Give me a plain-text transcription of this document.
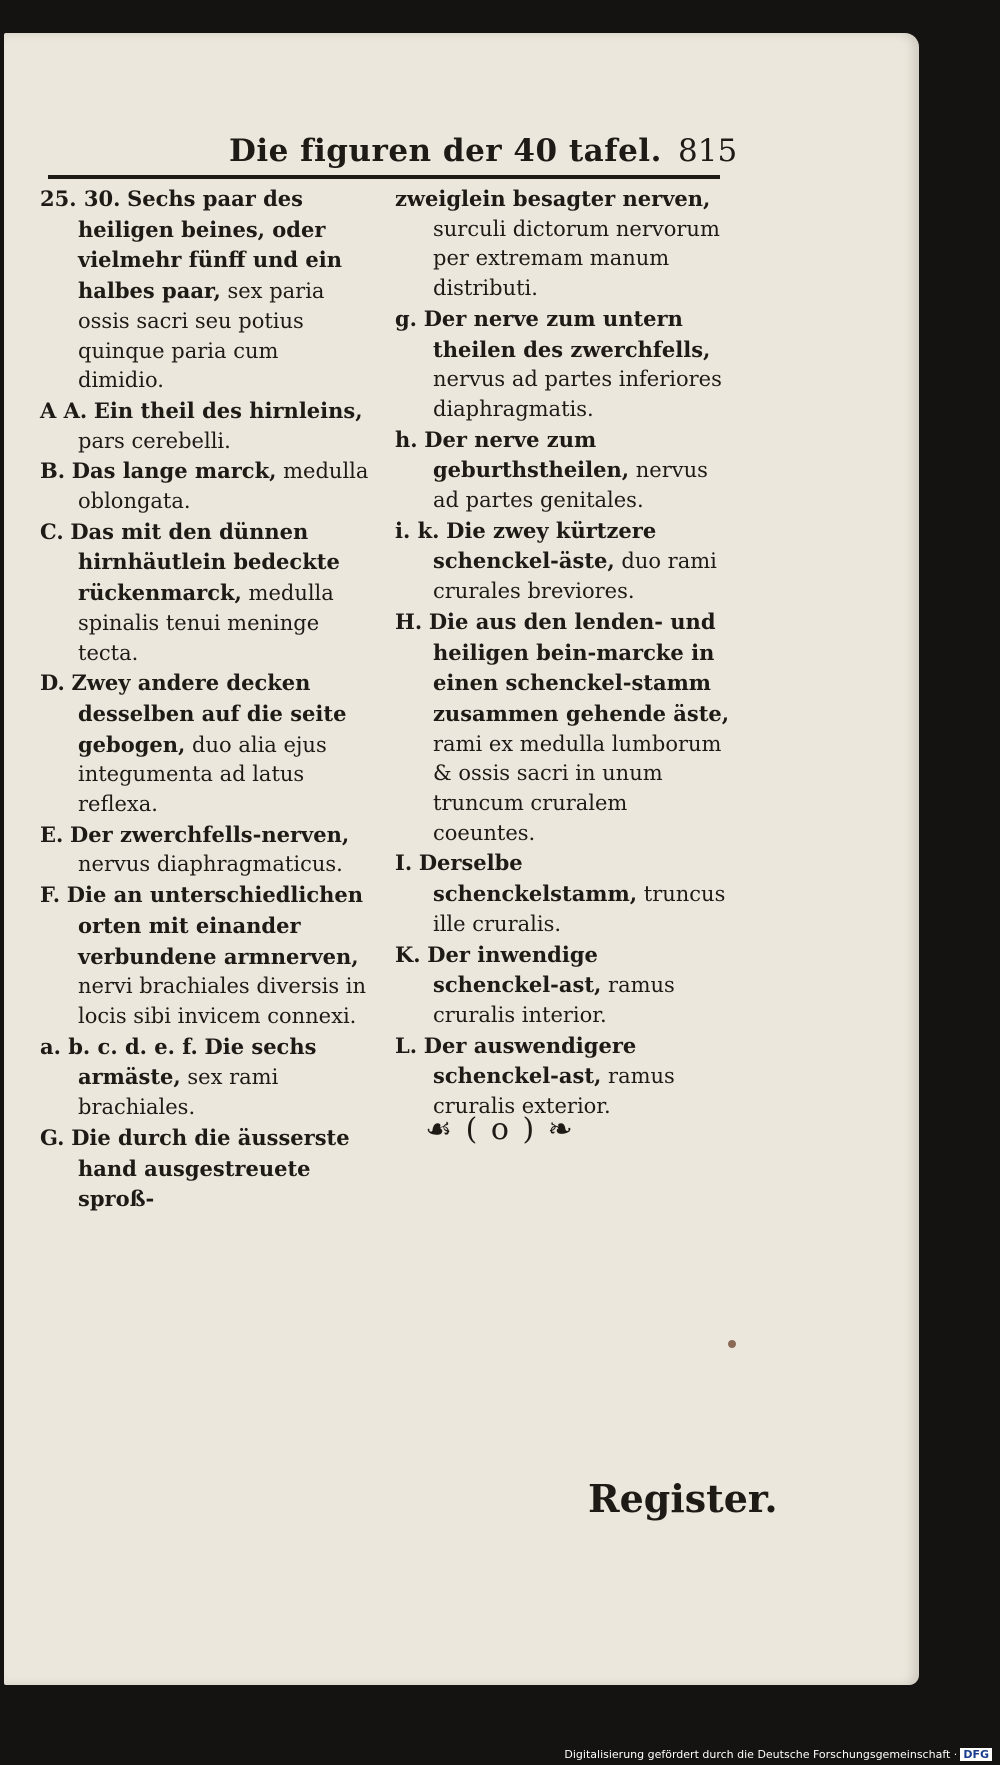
Die figuren der 40 tafel. 815
25. 30. Sechs paar des heiligen beines, oder vielmehr fünff und ein halbes paar, sex paria ossis sacri seu potius quinque paria cum dimidio.
A A. Ein theil des hirnleins, pars cerebelli.
B. Das lange marck, medulla oblongata.
C. Das mit den dünnen hirnhäutlein bedeckte rückenmarck, medulla spinalis tenui meninge tecta.
D. Zwey andere decken desselben auf die seite gebogen, duo alia ejus integumenta ad latus reflexa.
E. Der zwerchfells-nerven, nervus diaphragmaticus.
F. Die an unterschiedlichen orten mit einander verbundene armnerven, nervi brachiales diversis in locis sibi invicem connexi.
a. b. c. d. e. f. Die sechs armäste, sex rami brachiales.
G. Die durch die äusserste hand ausgestreuete sproß-
zweiglein besagter nerven, surculi dictorum nervorum per extremam manum distributi.
g. Der nerve zum untern theilen des zwerchfells, nervus ad partes inferiores diaphragmatis.
h. Der nerve zum geburthstheilen, nervus ad partes genitales.
i. k. Die zwey kürtzere schenckel-äste, duo rami crurales breviores.
H. Die aus den lenden- und heiligen bein-marcke in einen schenckel-stamm zusammen gehende äste, rami ex medulla lumborum & ossis sacri in unum truncum cruralem coeuntes.
I. Derselbe schenckelstamm, truncus ille cruralis.
K. Der inwendige schenckel-ast, ramus cruralis interior.
L. Der auswendigere schenckel-ast, ramus cruralis exterior.
☙ ( o ) ❧
Register.
Digitalisierung gefördert durch die Deutsche Forschungsgemeinschaft · DFG
